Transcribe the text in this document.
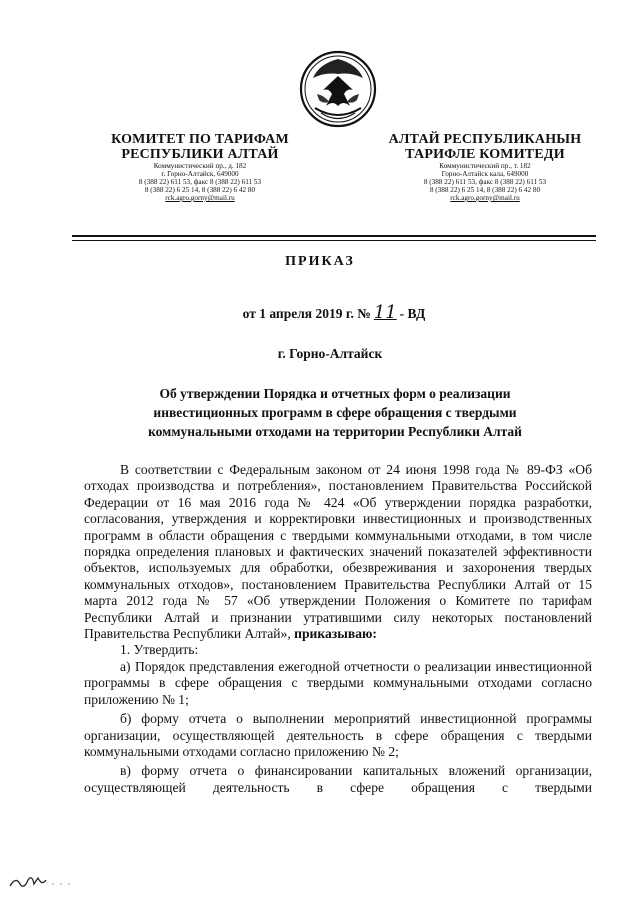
КОМИТЕТ ПО ТАРИФАМ
РЕСПУБЛИКИ АЛТАЙ
Коммунистический пр., д. 182
г. Горно-Алтайск, 649000
8 (388 22) 611 53, факс 8 (388 22) 611 53
8 (388 22) 6 25 14, 8 (388 22) 6 42 80
rck.agro.gorny@mail.ru
АЛТАЙ РЕСПУБЛИКАНЫН
ТАРИФЛЕ КОМИТЕДИ
Коммунистический пр., т. 182
Горно-Алтайск кала, 649000
8 (388 22) 611 53, факс 8 (388 22) 611 53
8 (388 22) 6 25 14, 8 (388 22) 6 42 80
rck.agro.gorny@mail.ru
ПРИКАЗ
от 1 апреля 2019 г. № 11 - ВД
г. Горно-Алтайск
Об утверждении Порядка и отчетных форм о реализации
инвестиционных программ в сфере обращения с твердыми
коммунальными отходами на территории Республики Алтай

В соответствии с Федеральным законом от 24 июня 1998 года № 89-ФЗ «Об отходах производства и потребления», постановлением Правительства Российской Федерации от 16 мая 2016 года № 424 «Об утверждении порядка разработки, согласования, утверждения и корректировки инвестиционных и производственных программ в области обращения с твердыми коммунальными отходами, в том числе порядка определения плановых и фактических значений показателей эффективности объектов, используемых для обработки, обезвреживания и захоронения твердых коммунальных отходов», постановлением Правительства Республики Алтай от 15 марта 2012 года № 57 «Об утверждении Положения о Комитете по тарифам Республики Алтай и признании утратившими силу некоторых постановлений Правительства Республики Алтай», приказываю:

1. Утвердить:

а) Порядок представления ежегодной отчетности о реализации инвестиционной программы в сфере обращения с твердыми коммунальными отходами согласно приложению № 1;

б) форму отчета о выполнении мероприятий инвестиционной программы организации, осуществляющей деятельность в сфере обращения с твердыми коммунальными отходами согласно приложению № 2;

в) форму отчета о финансировании капитальных вложений организации, осуществляющей деятельность в сфере обращения с твердыми
